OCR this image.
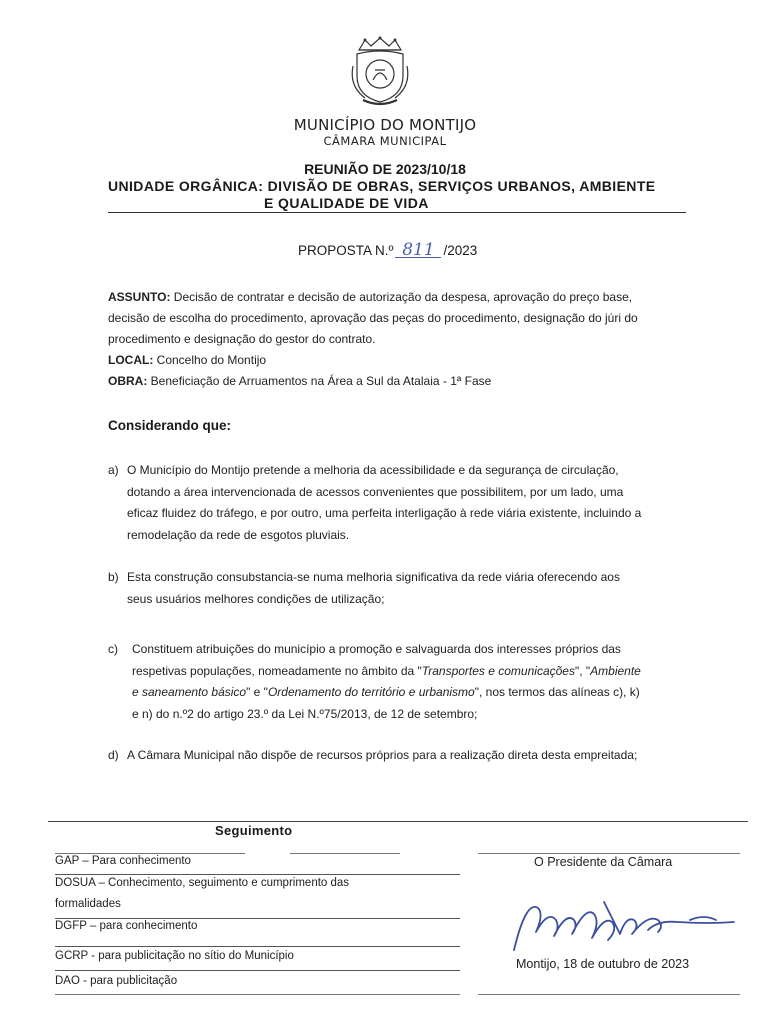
MUNICÍPIO DO MONTIJO
CÂMARA MUNICIPAL
REUNIÃO DE 2023/10/18
UNIDADE ORGÂNICA: DIVISÃO DE OBRAS, SERVIÇOS URBANOS, AMBIENTE
E QUALIDADE DE VIDA
PROPOSTA N.º 811 /2023
ASSUNTO: Decisão de contratar e decisão de autorização da despesa, aprovação do preço base,
decisão de escolha do procedimento, aprovação das peças do procedimento, designação do júri do
procedimento e designação do gestor do contrato.
LOCAL: Concelho do Montijo
OBRA: Beneficiação de Arruamentos na Área a Sul da Atalaia - 1ª Fase
Considerando que:
a) O Município do Montijo pretende a melhoria da acessibilidade e da segurança de circulação,
dotando a área intervencionada de acessos convenientes que possibilitem, por um lado, uma
eficaz fluidez do tráfego, e por outro, uma perfeita interligação à rede viária existente, incluindo a
remodelação da rede de esgotos pluviais.
b) Esta construção consubstancia-se numa melhoria significativa da rede viária oferecendo aos
seus usuários melhores condições de utilização;
c) Constituem atribuições do município a promoção e salvaguarda dos interesses próprios das
respetivas populações, nomeadamente no âmbito da "Transportes e comunicações", "Ambiente
e saneamento básico" e "Ordenamento do território e urbanismo", nos termos das alíneas c), k)
e n) do n.º2 do artigo 23.º da Lei N.º75/2013, de 12 de setembro;
d) A Câmara Municipal não dispõe de recursos próprios para a realização direta desta empreitada;
Seguimento
GAP – Para conhecimento
DOSUA – Conhecimento, seguimento e cumprimento das
formalidades
DGFP – para conhecimento
GCRP - para publicitação no sítio do Município
DAO - para publicitação
O Presidente da Câmara
Montijo, 18 de outubro de 2023
